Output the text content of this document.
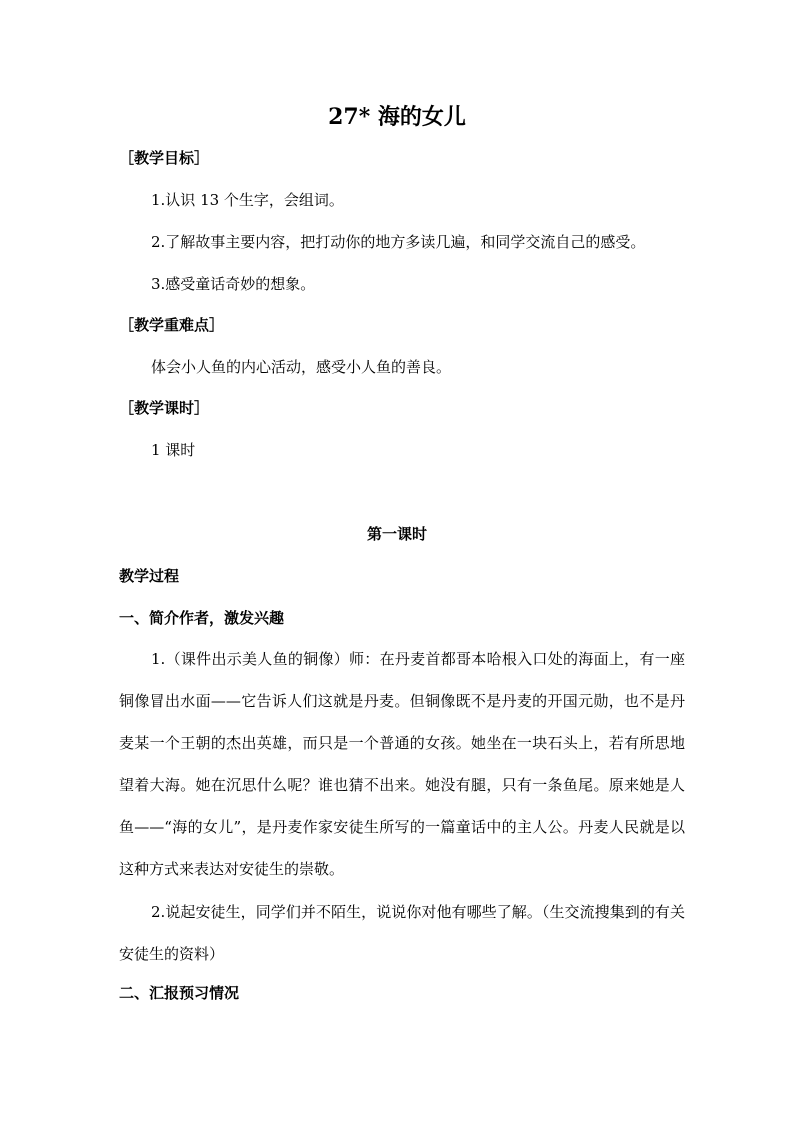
27* 海的女儿
［教学目标］
1.认识 13 个生字，会组词。
2.了解故事主要内容，把打动你的地方多读几遍，和同学交流自己的感受。
3.感受童话奇妙的想象。
［教学重难点］
体会小人鱼的内心活动，感受小人鱼的善良。
［教学课时］
1 课时
第一课时
教学过程
一、简介作者，激发兴趣

1.（课件出示美人鱼的铜像）师：在丹麦首都哥本哈根入口处的海面上，有一座铜像冒出水面——它告诉人们这就是丹麦。但铜像既不是丹麦的开国元勋，也不是丹麦某一个王朝的杰出英雄，而只是一个普通的女孩。她坐在一块石头上，若有所思地望着大海。她在沉思什么呢？谁也猜不出来。她没有腿，只有一条鱼尾。原来她是人鱼——“海的女儿”，是丹麦作家安徒生所写的一篇童话中的主人公。丹麦人民就是以这种方式来表达对安徒生的崇敬。

2.说起安徒生，同学们并不陌生，说说你对他有哪些了解。（生交流搜集到的有关安徒生的资料）

二、汇报预习情况
